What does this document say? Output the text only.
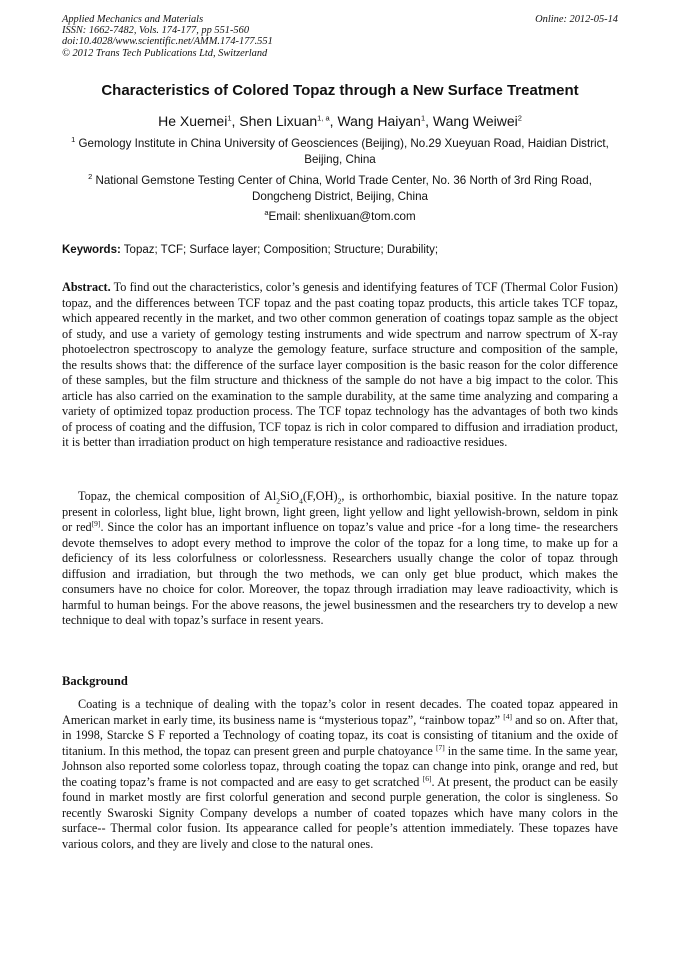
Applied Mechanics and Materials
ISSN: 1662-7482, Vols. 174-177, pp 551-560
doi:10.4028/www.scientific.net/AMM.174-177.551
© 2012 Trans Tech Publications Ltd, Switzerland
Online: 2012-05-14
Characteristics of Colored Topaz through a New Surface Treatment
He Xuemei$^1$, Shen Lixuan$^{1, a}$, Wang Haiyan$^1$, Wang Weiwei$^2$
$^1$ Gemology Institute in China University of Geosciences (Beijing), No.29 Xueyuan Road, Haidian District, Beijing, China
$^2$ National Gemstone Testing Center of China, World Trade Center, No. 36 North of 3rd Ring Road, Dongcheng District, Beijing, China
$^a$Email: shenlixuan@tom.com
Keywords: Topaz; TCF; Surface layer; Composition; Structure; Durability;
Abstract. To find out the characteristics, color’s genesis and identifying features of TCF (Thermal Color Fusion) topaz, and the differences between TCF topaz and the past coating topaz products, this article takes TCF topaz, which appeared recently in the market, and two other common generation of coatings topaz sample as the object of study, and use a variety of gemology testing instruments and wide spectrum and narrow spectrum of X-ray photoelectron spectroscopy to analyze the gemology feature, surface structure and composition of the sample, the results shows that: the difference of the surface layer composition is the basic reason for the color difference of these samples, but the film structure and thickness of the sample do not have a big impact to the color. This article has also carried on the examination to the sample durability, at the same time analyzing and comparing a variety of optimized topaz production process. The TCF topaz technology has the advantages of both two kinds of process of coating and the diffusion, TCF topaz is rich in color compared to diffusion and irradiation product, it is better than irradiation product on high temperature resistance and radioactive residues.
Topaz, the chemical composition of $Al_2SiO_4(F,OH)_2$, is orthorhombic, biaxial positive. In the nature topaz present in colorless, light blue, light brown, light green, light yellow and light yellowish-brown, seldom in pink or red[9]. Since the color has an important influence on topaz’s value and price -for a long time- the researchers devote themselves to adopt every method to improve the color of the topaz for a long time, to make up for a deficiency of its less colorfulness or colorlessness. Researchers usually change the color of topaz through diffusion and irradiation, but through the two methods, we can only get blue product, which makes the consumers have no choice for color. Moreover, the topaz through irradiation may leave radioactivity, which is harmful to human beings. For the above reasons, the jewel businessmen and the researchers try to develop a new technique to deal with topaz’s surface in resent years.
Background
Coating is a technique of dealing with the topaz’s color in resent decades. The coated topaz appeared in American market in early time, its business name is “mysterious topaz”, “rainbow topaz” [4] and so on. After that, in 1998, Starcke S F reported a Technology of coating topaz, its coat is consisting of titanium and the oxide of titanium. In this method, the topaz can present green and purple chatoyance [7] in the same time. In the same year, Johnson also reported some colorless topaz, through coating the topaz can change into pink, orange and red, but the coating topaz’s frame is not compacted and are easy to get scratched [6]. At present, the product can be easily found in market mostly are first colorful generation and second purple generation, the color is singleness. So recently Swaroski Signity Company develops a number of coated topazes which have many colors in the surface-- Thermal color fusion. Its appearance called for people’s attention immediately. These topazes have various colors, and they are lively and close to the natural ones.
